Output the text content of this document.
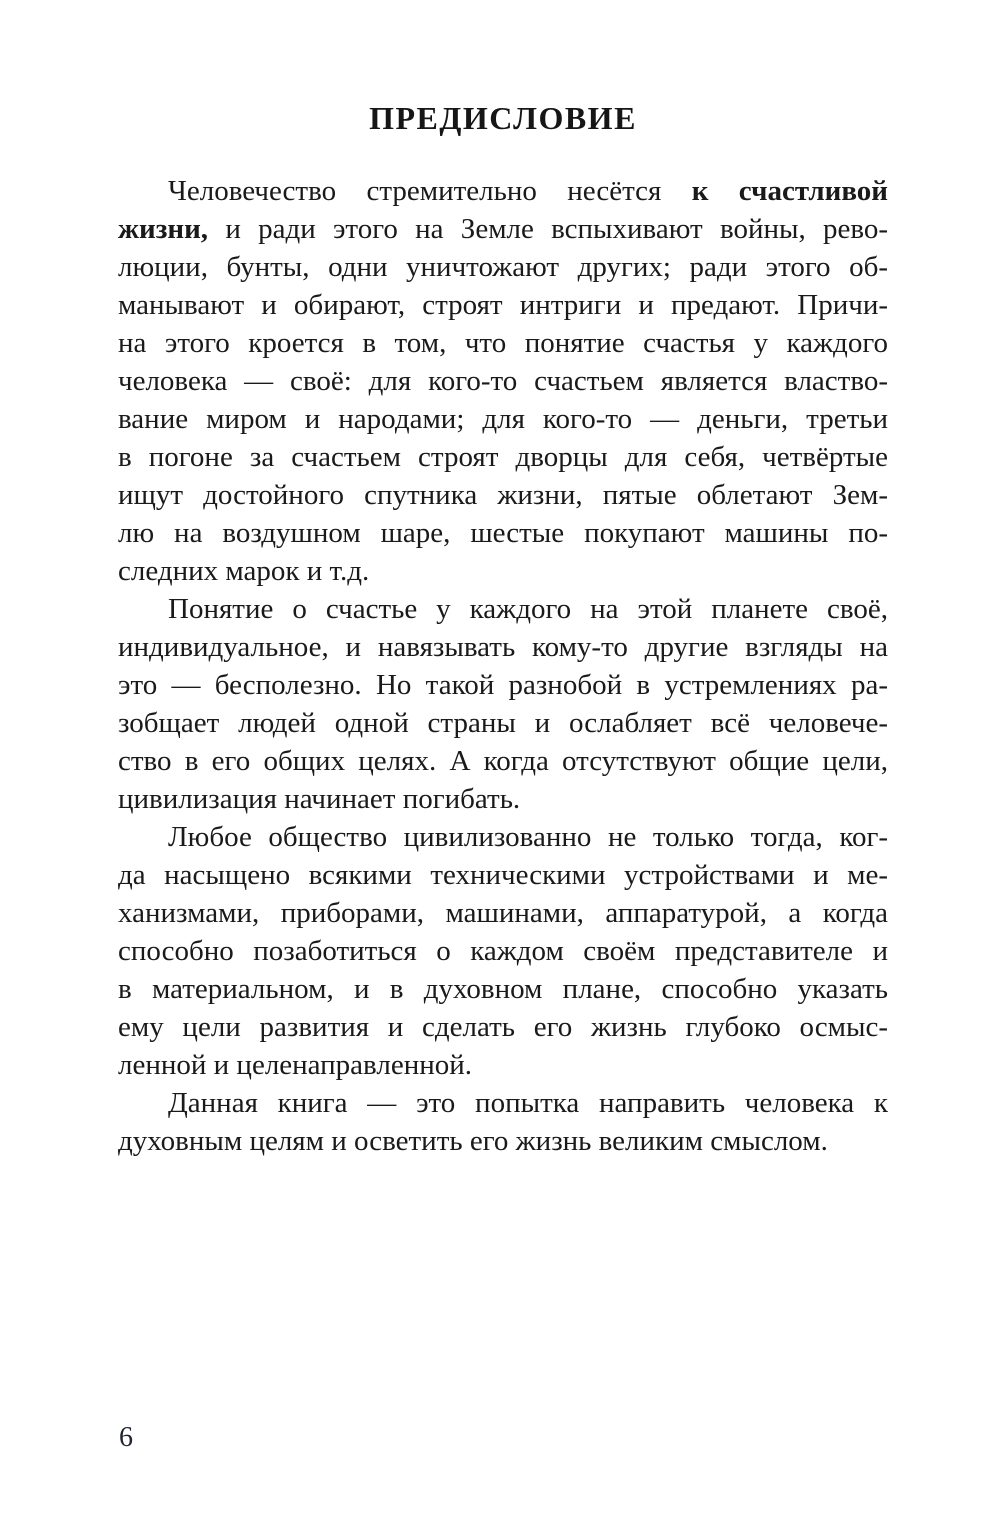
ПРЕДИСЛОВИЕ

Человечество стремительно несётся к счастливой
жизни, и ради этого на Земле вспыхивают войны, рево-
люции, бунты, одни уничтожают других; ради этого об-
манывают и обирают, строят интриги и предают. Причи-
на этого кроется в том, что понятие счастья у каждого
человека — своё: для кого-то счастьем является властво-
вание миром и народами; для кого-то — деньги, третьи
в погоне за счастьем строят дворцы для себя, четвёртые
ищут достойного спутника жизни, пятые облетают Зем-
лю на воздушном шаре, шестые покупают машины по-
следних марок и т.д.

Понятие о счастье у каждого на этой планете своё,
индивидуальное, и навязывать кому-то другие взгляды на
это — бесполезно. Но такой разнобой в устремлениях ра-
зобщает людей одной страны и ослабляет всё человече-
ство в его общих целях. А когда отсутствуют общие цели,
цивилизация начинает погибать.

Любое общество цивилизованно не только тогда, ког-
да насыщено всякими техническими устройствами и ме-
ханизмами, приборами, машинами, аппаратурой, а когда
способно позаботиться о каждом своём представителе и
в материальном, и в духовном плане, способно указать
ему цели развития и сделать его жизнь глубоко осмыс-
ленной и целенаправленной.

Данная книга — это попытка направить человека к
духовным целям и осветить его жизнь великим смыслом.

6
